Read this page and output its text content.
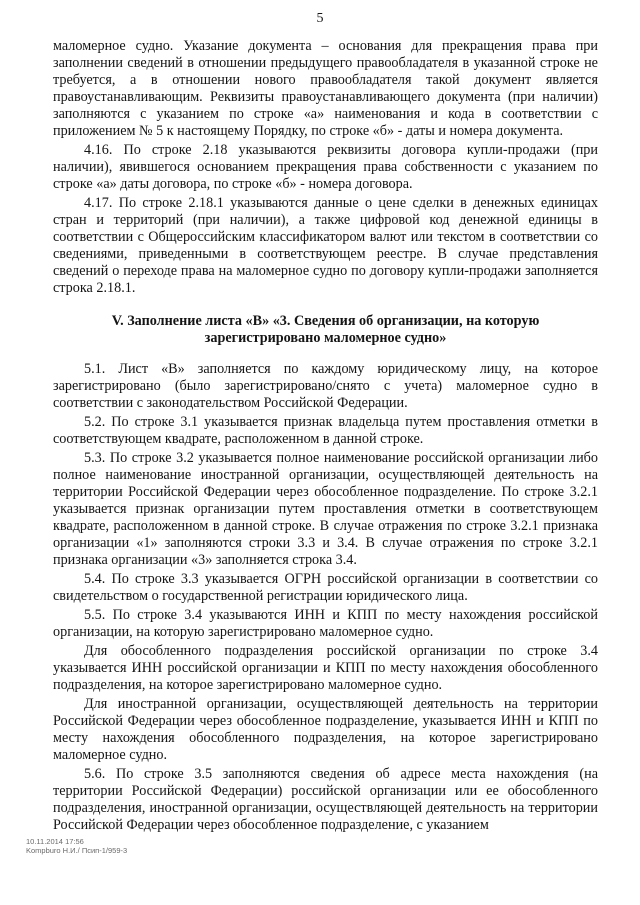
5

маломерное судно. Указание документа – основания для прекращения права при заполнении сведений в отношении предыдущего правообладателя в указанной строке не требуется, а в отношении нового правообладателя такой документ является правоустанавливающим. Реквизиты правоустанавливающего документа (при наличии) заполняются с указанием по строке «а» наименования и кода в соответствии с приложением № 5 к настоящему Порядку, по строке «б» - даты и номера документа.

4.16. По строке 2.18 указываются реквизиты договора купли-продажи (при наличии), явившегося основанием прекращения права собственности с указанием по строке «а» даты договора, по строке «б» - номера договора.

4.17. По строке 2.18.1 указываются данные о цене сделки в денежных единицах стран и территорий (при наличии), а также цифровой код денежной единицы в соответствии с Общероссийским классификатором валют или текстом в соответствии со сведениями, приведенными в соответствующем реестре. В случае представления сведений о переходе права на маломерное судно по договору купли-продажи заполняется строка 2.18.1.

V. Заполнение листа «В» «3. Сведения об организации, на которую
зарегистрировано маломерное судно»

5.1. Лист «В» заполняется по каждому юридическому лицу, на которое зарегистрировано (было зарегистрировано/снято с учета) маломерное судно в соответствии с законодательством Российской Федерации.

5.2. По строке 3.1 указывается признак владельца путем проставления отметки в соответствующем квадрате, расположенном в данной строке.

5.3. По строке 3.2 указывается полное наименование российской организации либо полное наименование иностранной организации, осуществляющей деятельность на территории Российской Федерации через обособленное подразделение. По строке 3.2.1 указывается признак организации путем проставления отметки в соответствующем квадрате, расположенном в данной строке. В случае отражения по строке 3.2.1 признака организации «1» заполняются строки 3.3 и 3.4. В случае отражения по строке 3.2.1 признака организации «3» заполняется строка 3.4.

5.4. По строке 3.3 указывается ОГРН российской организации в соответствии со свидетельством о государственной регистрации юридического лица.

5.5. По строке 3.4 указываются ИНН и КПП по месту нахождения российской организации, на которую зарегистрировано маломерное судно.

Для обособленного подразделения российской организации по строке 3.4 указывается ИНН российской организации и КПП по месту нахождения обособленного подразделения, на которое зарегистрировано маломерное судно.

Для иностранной организации, осуществляющей деятельность на территории Российской Федерации через обособленное подразделение, указывается ИНН и КПП по месту нахождения обособленного подразделения, на которое зарегистрировано маломерное судно.

5.6. По строке 3.5 заполняются сведения об адресе места нахождения (на территории Российской Федерации) российской организации или ее обособленного подразделения, иностранной организации, осуществляющей деятельность на территории Российской Федерации через обособленное подразделение, с указанием

10.11.2014 17:56
Kompburo Н.И./ Псип-1/959-3
